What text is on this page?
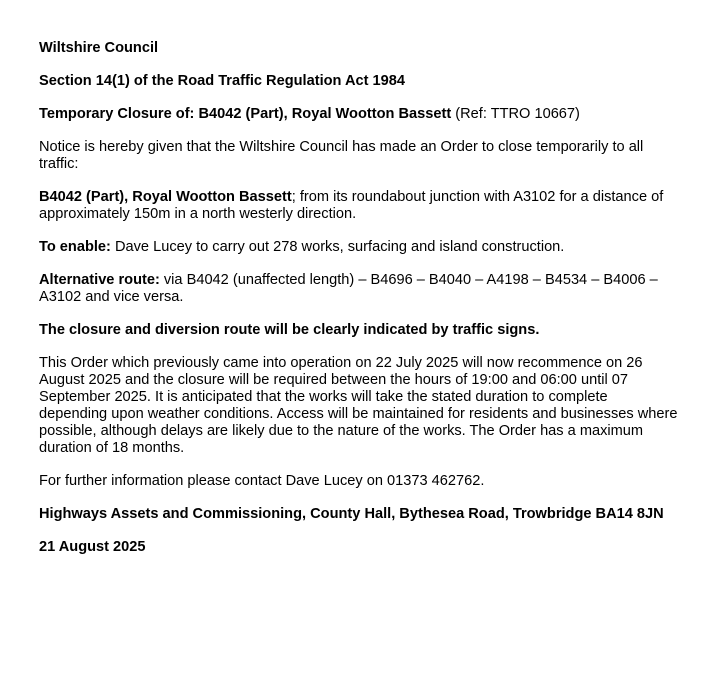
Wiltshire Council

Section 14(1) of the Road Traffic Regulation Act 1984

Temporary Closure of: B4042 (Part), Royal Wootton Bassett (Ref: TTRO 10667)

Notice is hereby given that the Wiltshire Council has made an Order to close temporarily to all traffic:

B4042 (Part), Royal Wootton Bassett; from its roundabout junction with A3102 for a distance of approximately 150m in a north westerly direction.

To enable: Dave Lucey to carry out 278 works, surfacing and island construction.

Alternative route: via B4042 (unaffected length) – B4696 – B4040 – A4198 – B4534 – B4006 – A3102 and vice versa.

The closure and diversion route will be clearly indicated by traffic signs.

This Order which previously came into operation on 22 July 2025 will now recommence on 26 August 2025 and the closure will be required between the hours of 19:00 and 06:00 until 07 September 2025. It is anticipated that the works will take the stated duration to complete depending upon weather conditions. Access will be maintained for residents and businesses where possible, although delays are likely due to the nature of the works. The Order has a maximum duration of 18 months.

For further information please contact Dave Lucey on 01373 462762.

Highways Assets and Commissioning, County Hall, Bythesea Road, Trowbridge BA14 8JN

21 August 2025
